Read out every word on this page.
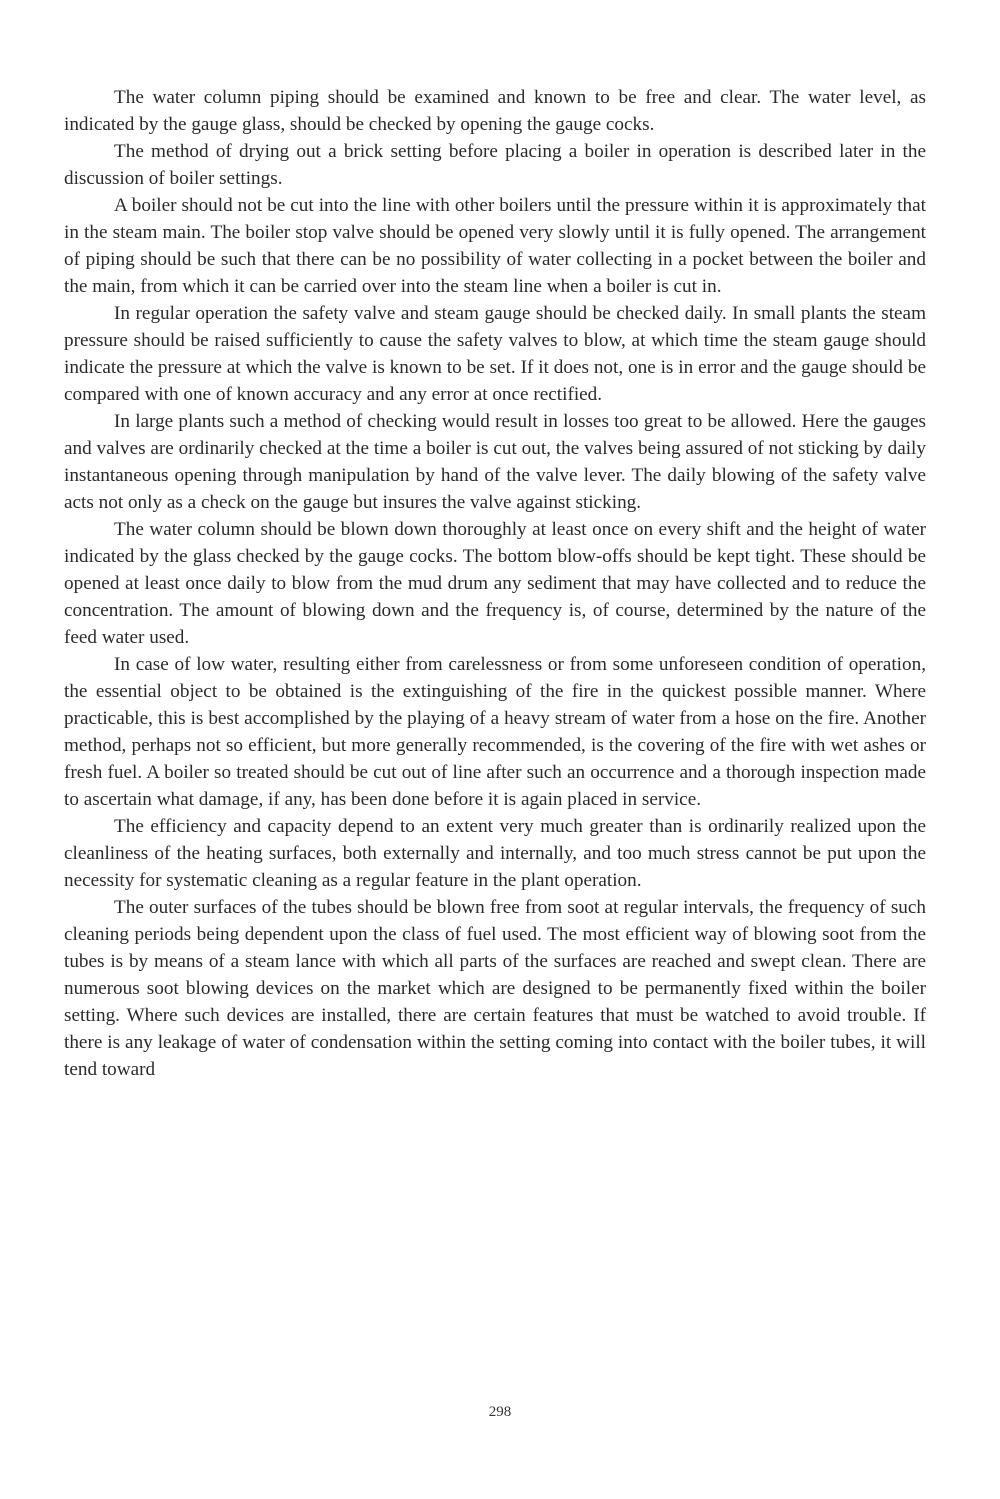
The water column piping should be examined and known to be free and clear. The water level, as indicated by the gauge glass, should be checked by opening the gauge cocks.

The method of drying out a brick setting before placing a boiler in operation is described later in the discussion of boiler settings.

A boiler should not be cut into the line with other boilers until the pressure within it is approximately that in the steam main. The boiler stop valve should be opened very slowly until it is fully opened. The arrangement of piping should be such that there can be no possibility of water collecting in a pocket between the boiler and the main, from which it can be carried over into the steam line when a boiler is cut in.

In regular operation the safety valve and steam gauge should be checked daily. In small plants the steam pressure should be raised sufficiently to cause the safety valves to blow, at which time the steam gauge should indicate the pressure at which the valve is known to be set. If it does not, one is in error and the gauge should be compared with one of known accuracy and any error at once rectified.

In large plants such a method of checking would result in losses too great to be allowed. Here the gauges and valves are ordinarily checked at the time a boiler is cut out, the valves being assured of not sticking by daily instantaneous opening through manipulation by hand of the valve lever. The daily blowing of the safety valve acts not only as a check on the gauge but insures the valve against sticking.

The water column should be blown down thoroughly at least once on every shift and the height of water indicated by the glass checked by the gauge cocks. The bottom blow-offs should be kept tight. These should be opened at least once daily to blow from the mud drum any sediment that may have collected and to reduce the concentration. The amount of blowing down and the frequency is, of course, determined by the nature of the feed water used.

In case of low water, resulting either from carelessness or from some unforeseen condition of operation, the essential object to be obtained is the extinguishing of the fire in the quickest possible manner. Where practicable, this is best accomplished by the playing of a heavy stream of water from a hose on the fire. Another method, perhaps not so efficient, but more generally recommended, is the covering of the fire with wet ashes or fresh fuel. A boiler so treated should be cut out of line after such an occurrence and a thorough inspection made to ascertain what damage, if any, has been done before it is again placed in service.

The efficiency and capacity depend to an extent very much greater than is ordinarily realized upon the cleanliness of the heating surfaces, both externally and internally, and too much stress cannot be put upon the necessity for systematic cleaning as a regular feature in the plant operation.

The outer surfaces of the tubes should be blown free from soot at regular intervals, the frequency of such cleaning periods being dependent upon the class of fuel used. The most efficient way of blowing soot from the tubes is by means of a steam lance with which all parts of the surfaces are reached and swept clean. There are numerous soot blowing devices on the market which are designed to be permanently fixed within the boiler setting. Where such devices are installed, there are certain features that must be watched to avoid trouble. If there is any leakage of water of condensation within the setting coming into contact with the boiler tubes, it will tend toward

298
